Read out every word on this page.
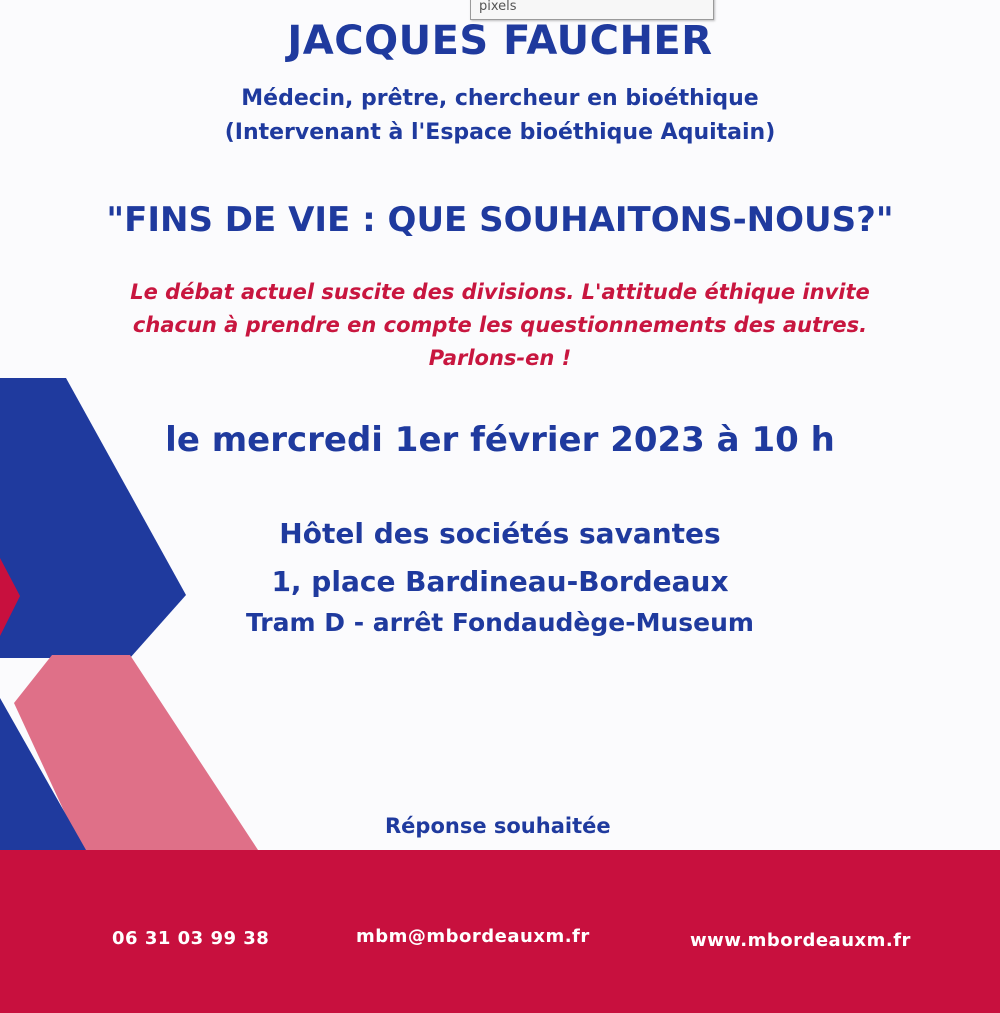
pixels
JACQUES FAUCHER
Médecin, prêtre, chercheur en bioéthique
(Intervenant à l'Espace bioéthique Aquitain)
"FINS DE VIE : QUE SOUHAITONS-NOUS?"
Le débat actuel suscite des divisions. L'attitude éthique invite
chacun à prendre en compte les questionnements des autres.
Parlons-en !
le mercredi 1er février 2023 à 10 h
Hôtel des sociétés savantes
1, place Bardineau-Bordeaux
Tram D - arrêt Fondaudège-Museum
Réponse souhaitée
06 31 03 99 38	mbm@mbordeauxm.fr	www.mbordeauxm.fr
